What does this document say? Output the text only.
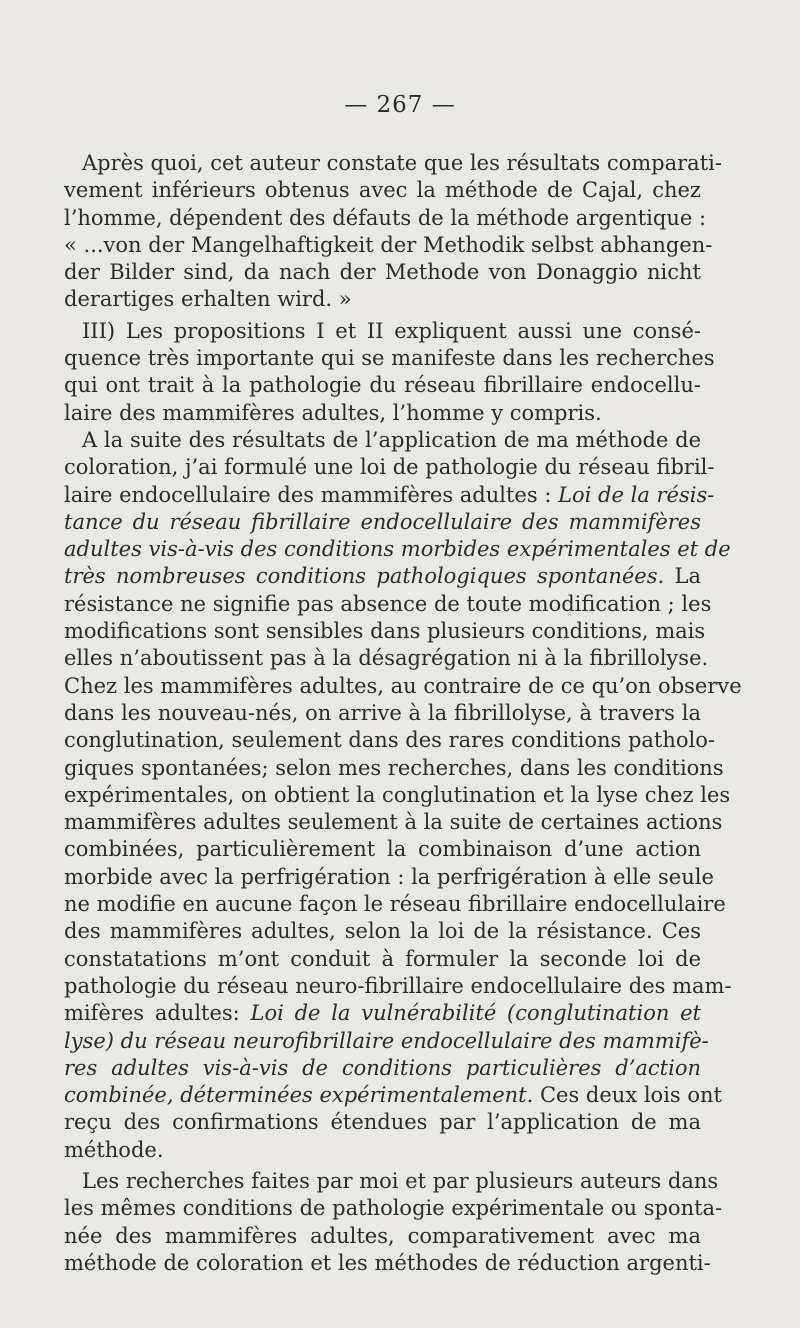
— 267 —
Après quoi, cet auteur constate que les résultats comparati-
vement inférieurs obtenus avec la méthode de Cajal, chez
l’homme, dépendent des défauts de la méthode argentique :
« ...von der Mangelhaftigkeit der Methodik selbst abhangen-
der Bilder sind, da nach der Methode von Donaggio nicht
derartiges erhalten wird. »
III) Les propositions I et II expliquent aussi une consé-
quence très importante qui se manifeste dans les recherches
qui ont trait à la pathologie du réseau fibrillaire endocellu-
laire des mammifères adultes, l’homme y compris.
A la suite des résultats de l’application de ma méthode de
coloration, j’ai formulé une loi de pathologie du réseau fibril-
laire endocellulaire des mammifères adultes : Loi de la résis-
tance du réseau fibrillaire endocellulaire des mammifères
adultes vis-à-vis des conditions morbides expérimentales et de
très nombreuses conditions pathologiques spontanées. La
résistance ne signifie pas absence de toute modification ; les
modifications sont sensibles dans plusieurs conditions, mais
elles n’aboutissent pas à la désagrégation ni à la fibrillolyse.
Chez les mammifères adultes, au contraire de ce qu’on observe
dans les nouveau-nés, on arrive à la fibrillolyse, à travers la
conglutination, seulement dans des rares conditions patholo-
giques spontanées; selon mes recherches, dans les conditions
expérimentales, on obtient la conglutination et la lyse chez les
mammifères adultes seulement à la suite de certaines actions
combinées, particulièrement la combinaison d’une action
morbide avec la perfrigération : la perfrigération à elle seule
ne modifie en aucune façon le réseau fibrillaire endocellulaire
des mammifères adultes, selon la loi de la résistance. Ces
constatations m’ont conduit à formuler la seconde loi de
pathologie du réseau neuro-fibrillaire endocellulaire des mam-
mifères adultes: Loi de la vulnérabilité (conglutination et
lyse) du réseau neurofibrillaire endocellulaire des mammifè-
res adultes vis-à-vis de conditions particulières d’action
combinée, déterminées expérimentalement. Ces deux lois ont
reçu des confirmations étendues par l’application de ma
méthode.
Les recherches faites par moi et par plusieurs auteurs dans
les mêmes conditions de pathologie expérimentale ou sponta-
née des mammifères adultes, comparativement avec ma
méthode de coloration et les méthodes de réduction argenti-
